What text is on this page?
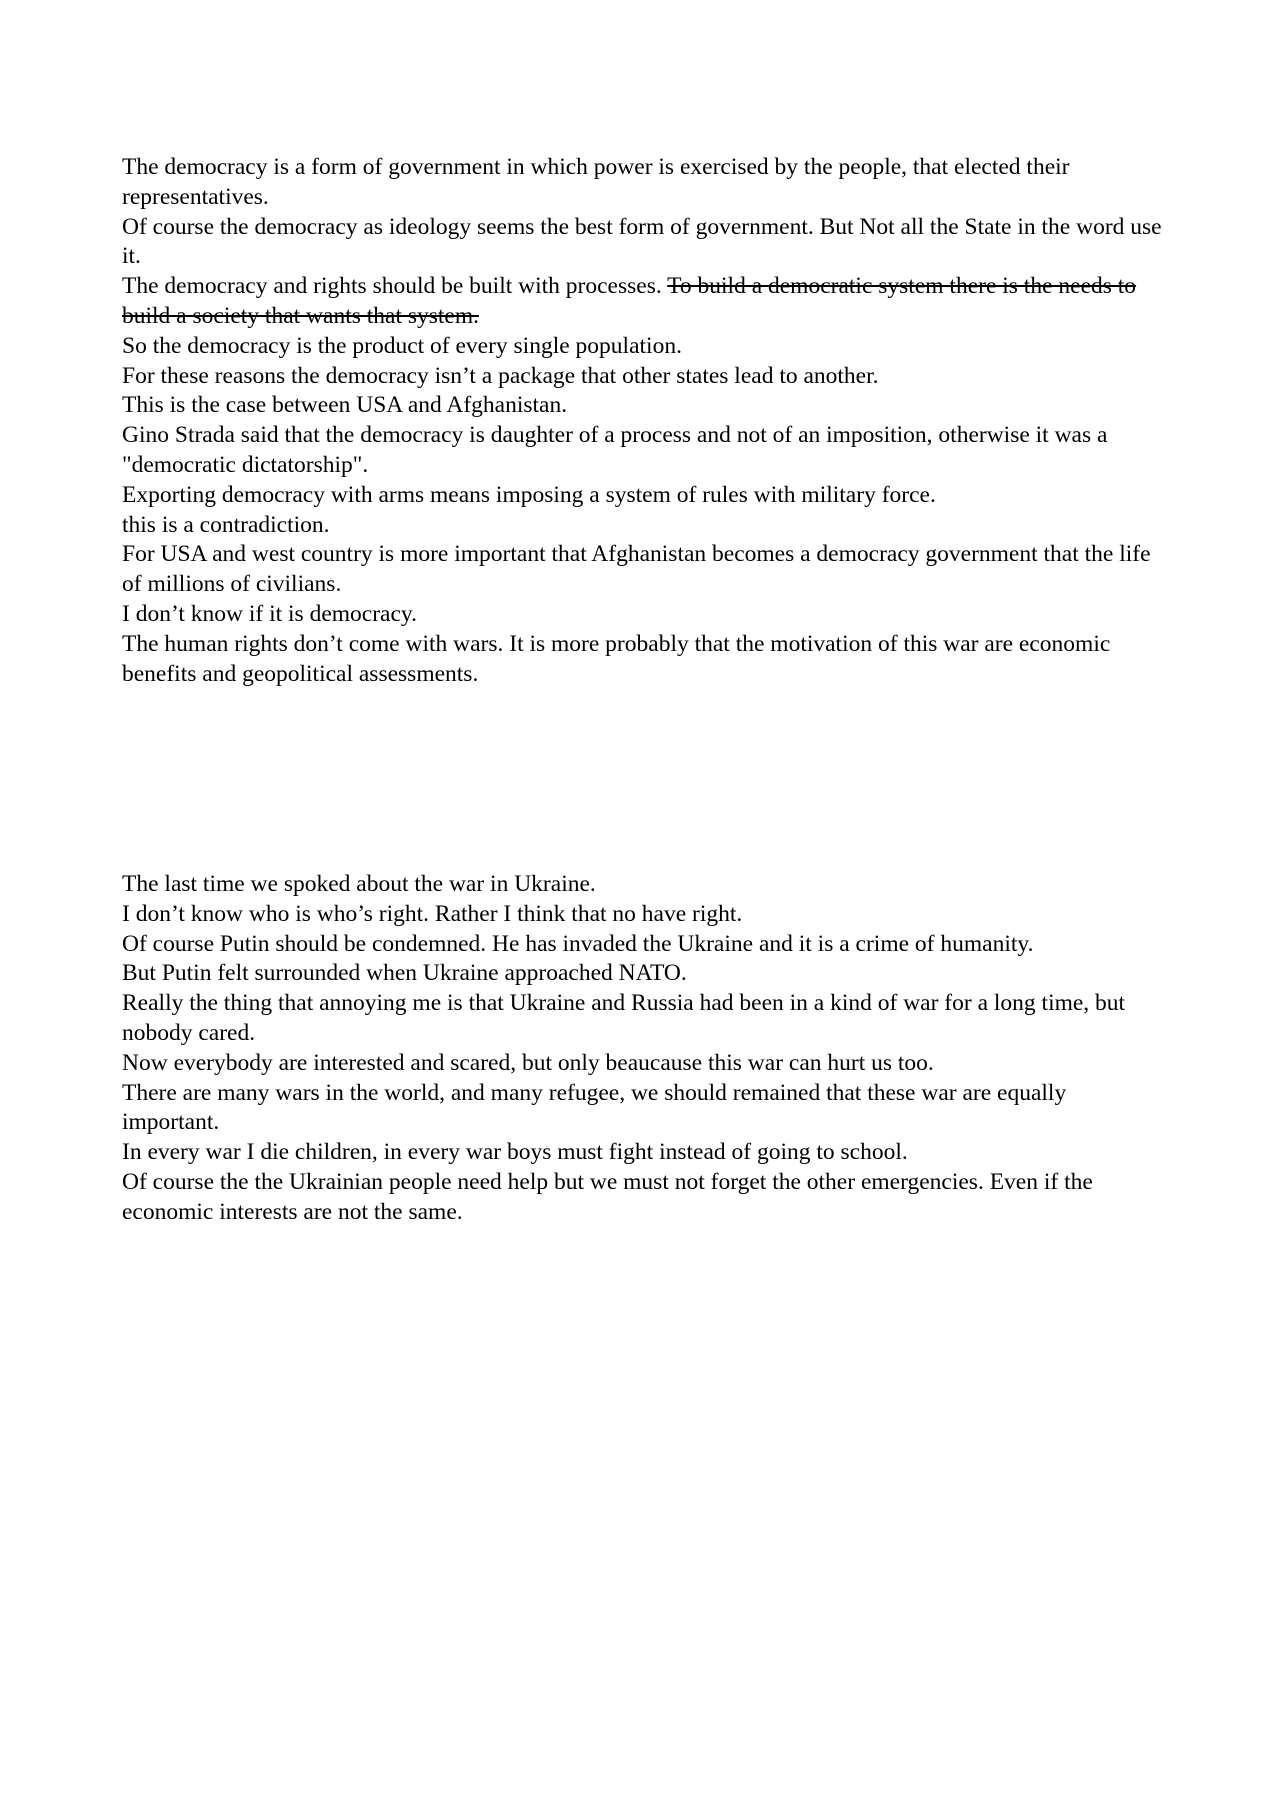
The democracy is a form of government in which power is exercised by the people, that elected their representatives.

Of course the democracy as ideology seems the best form of government. But Not all the State in the word use it.

The democracy and rights should be built with processes. To build a democratic system there is the needs to build a society that wants that system.

So the democracy is the product of every single population.

For these reasons the democracy isn’t a package that other states lead to another.

This is the case between USA and Afghanistan.

Gino Strada said that the democracy is daughter of a process and not of an imposition, otherwise it was a "democratic dictatorship".

Exporting democracy with arms means imposing a system of rules with military force.

this is a contradiction.

For USA and west country is more important that Afghanistan becomes a democracy government that the life of millions of civilians.

I don’t know if it is democracy.

The human rights don’t come with wars. It is more probably that the motivation of this war are economic benefits and geopolitical assessments.

The last time we spoked about the war in Ukraine.

I don’t know who is who’s right. Rather I think that no have right.

Of course Putin should be condemned. He has invaded the Ukraine and it is a crime of humanity.

But Putin felt surrounded when Ukraine approached NATO.

Really the thing that annoying me is that Ukraine and Russia had been in a kind of war for a long time, but nobody cared.

Now everybody are interested and scared, but only beaucause this war can hurt us too.

There are many wars in the world, and many refugee, we should remained that these war are equally important.

In every war I die children, in every war boys must fight instead of going to school.

Of course the the Ukrainian people need help but we must not forget the other emergencies. Even if the economic interests are not the same.
